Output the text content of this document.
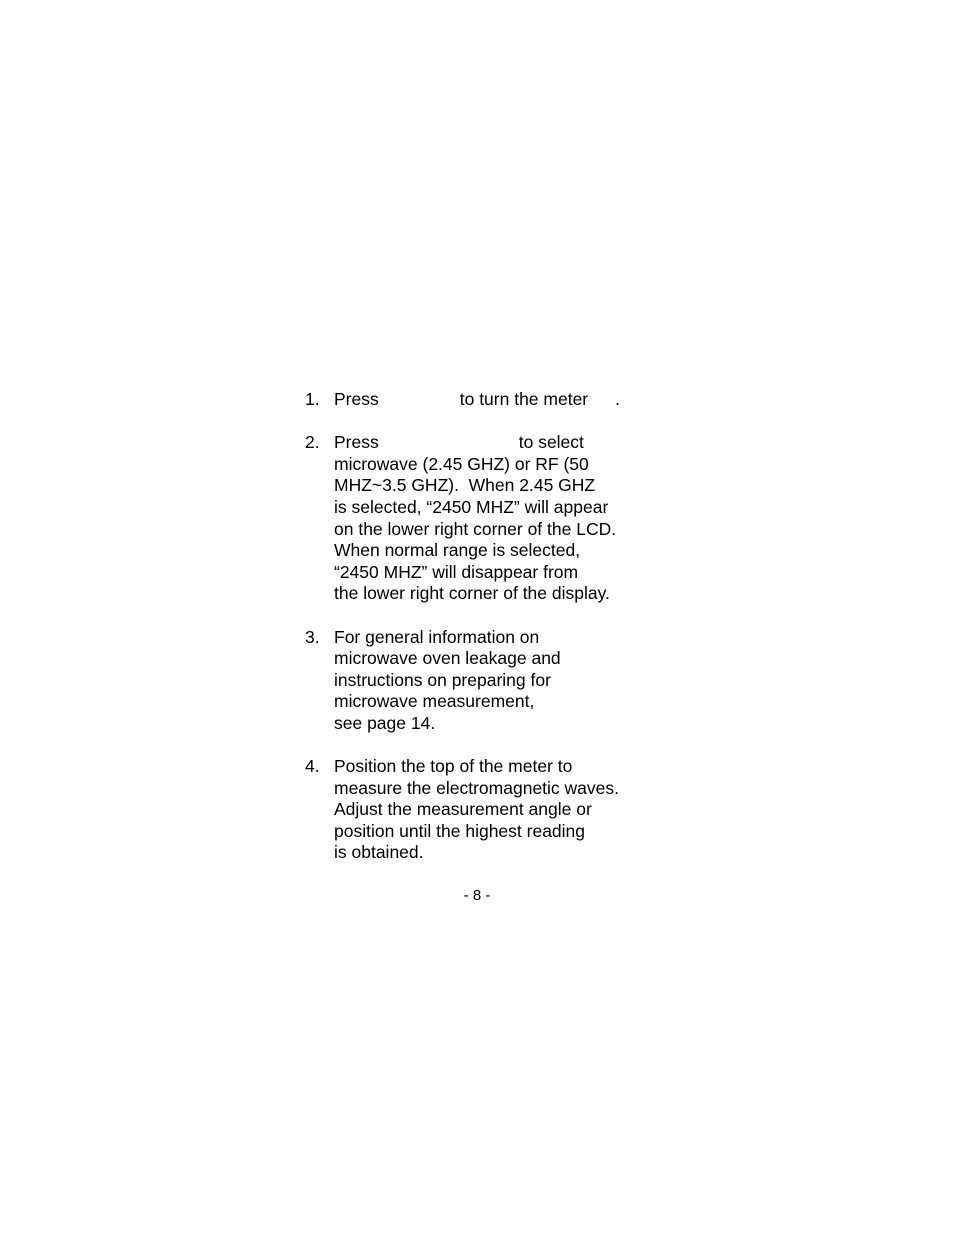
1. Press	to turn the meter .
2. Press	to select
microwave (2.45 GHZ) or RF (50
MHZ~3.5 GHZ).  When 2.45 GHZ
is selected, “2450 MHZ” will appear
on the lower right corner of the LCD.
When normal range is selected,
“2450 MHZ” will disappear from
the lower right corner of the display.
3. For general information on
microwave oven leakage and
instructions on preparing for
microwave measurement,
see page 14.
4. Position the top of the meter to
measure the electromagnetic waves.
Adjust the measurement angle or
position until the highest reading
is obtained.
- 8 -
